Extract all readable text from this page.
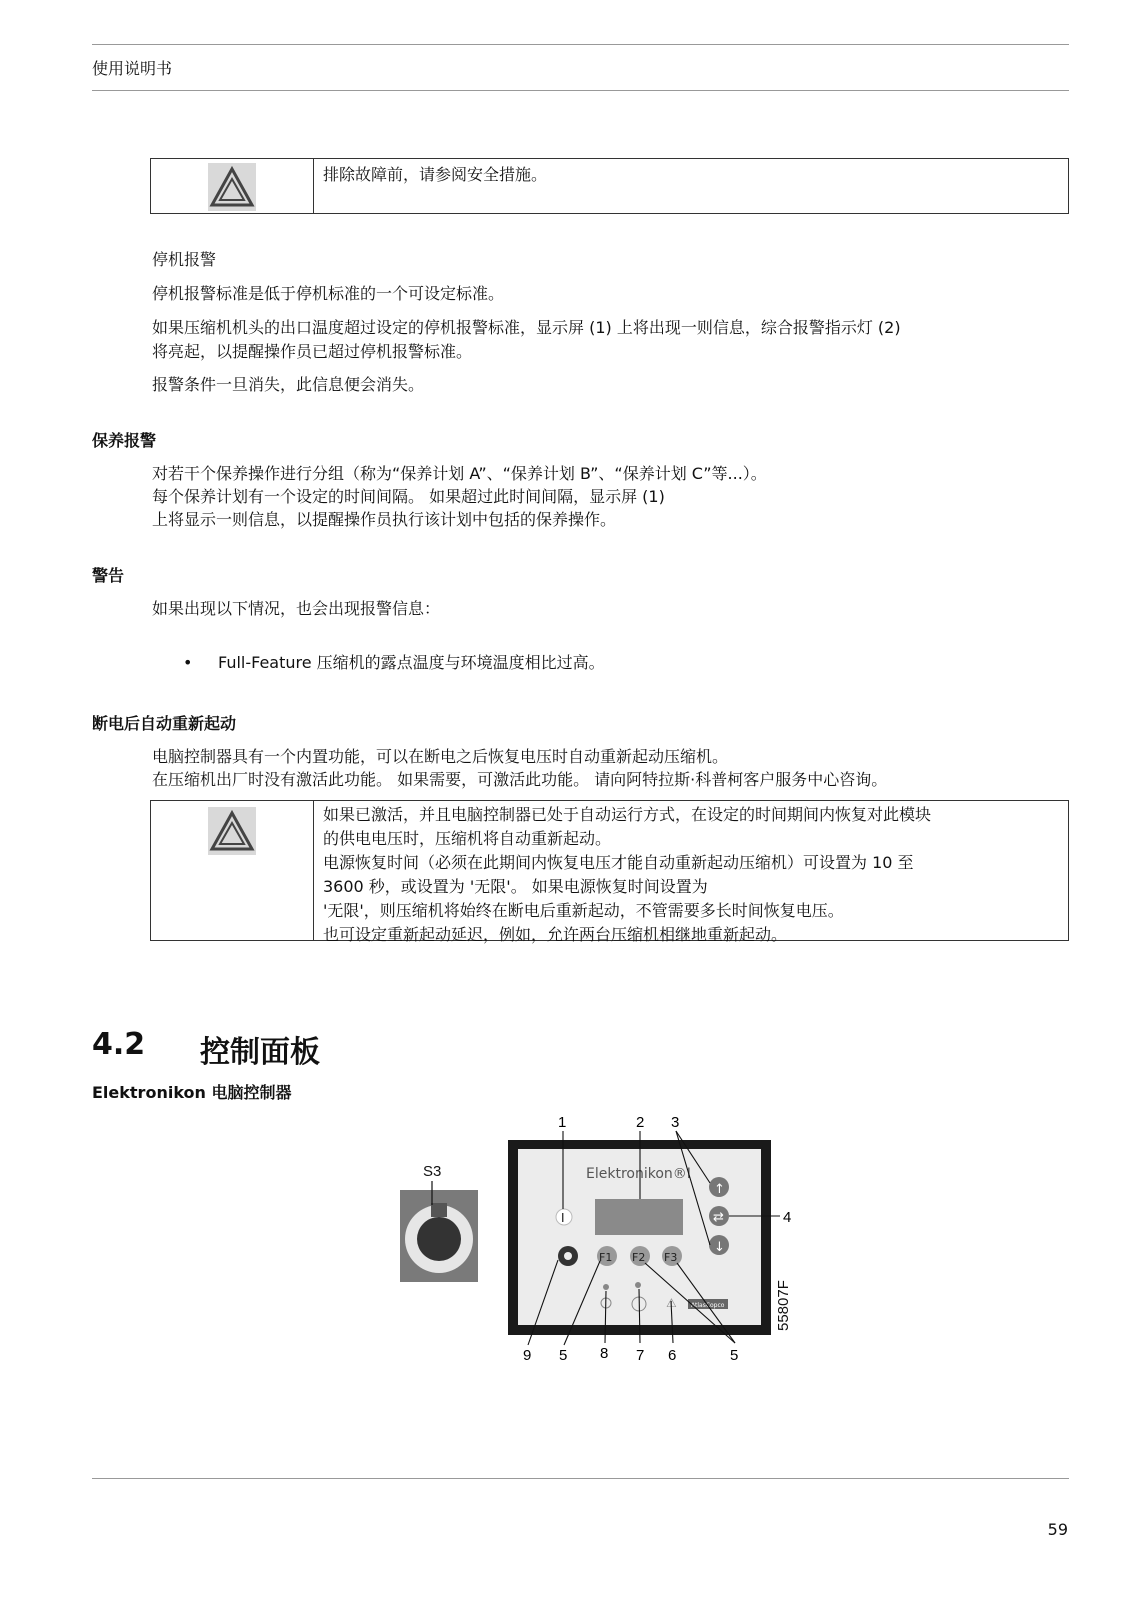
使用说明书
排除故障前，请参阅安全措施。
停机报警
停机报警标准是低于停机标准的一个可设定标准。
如果压缩机机头的出口温度超过设定的停机报警标准，显示屏 (1) 上将出现一则信息，综合报警指示灯 (2)
将亮起，以提醒操作员已超过停机报警标准。
报警条件一旦消失，此信息便会消失。
保养报警
对若干个保养操作进行分组（称为“保养计划 A”、“保养计划 B”、“保养计划 C”等...）。
每个保养计划有一个设定的时间间隔。 如果超过此时间间隔，显示屏 (1)
上将显示一则信息，以提醒操作员执行该计划中包括的保养操作。
警告
如果出现以下情况，也会出现报警信息：
• Full-Feature 压缩机的露点温度与环境温度相比过高。
断电后自动重新起动
电脑控制器具有一个内置功能，可以在断电之后恢复电压时自动重新起动压缩机。
在压缩机出厂时没有激活此功能。 如果需要，可激活此功能。 请向阿特拉斯·科普柯客户服务中心咨询。
如果已激活，并且电脑控制器已处于自动运行方式，在设定的时间期间内恢复对此模块
的供电电压时，压缩机将自动重新起动。
电源恢复时间（必须在此期间内恢复电压才能自动重新起动压缩机）可设置为 10 至
3600 秒，或设置为 '无限'。 如果电源恢复时间设置为
'无限'，则压缩机将始终在断电后重新起动，不管需要多长时间恢复电压。
也可设定重新起动延迟，例如，允许两台压缩机相继地重新起动。
4.2 控制面板
Elektronikon 电脑控制器
S3	Elektronikon®I
I
↑
⇄
↓
F1 F2 F3
⚠ AtlasCopco	55807F
1	2 3
4
9 5 8 7 6	5
59
